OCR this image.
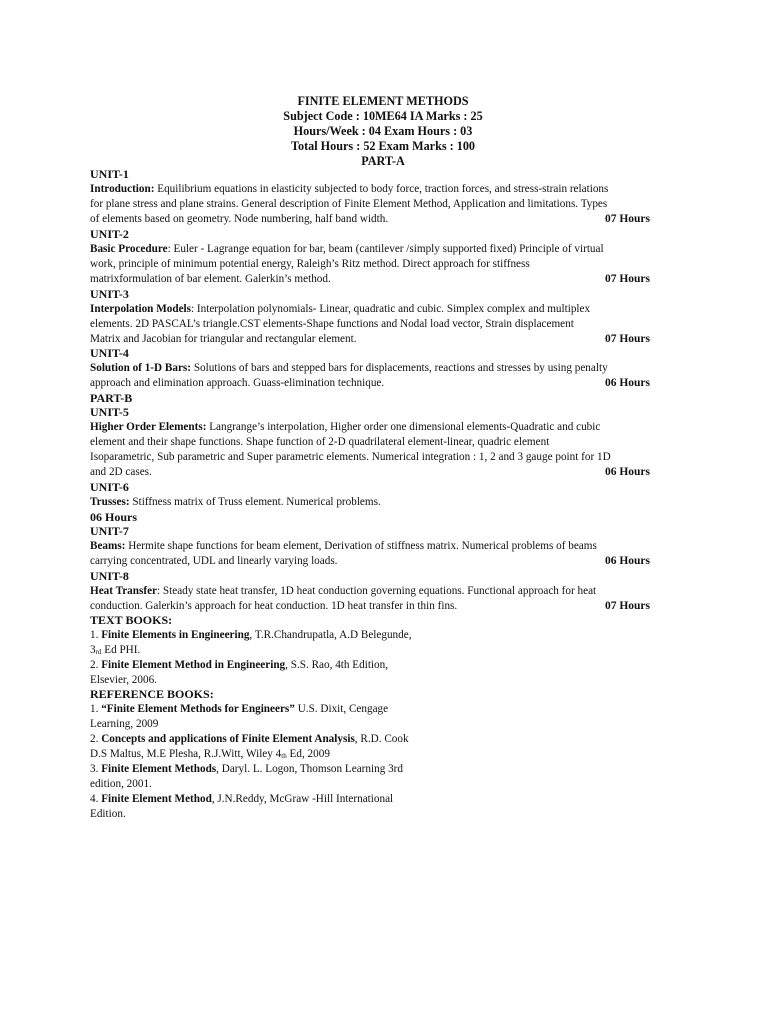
FINITE ELEMENT METHODS
Subject Code : 10ME64 IA Marks : 25
Hours/Week : 04 Exam Hours : 03
Total Hours : 52 Exam Marks : 100
PART-A
UNIT-1
Introduction: Equilibrium equations in elasticity subjected to body force, traction forces, and stress-strain relations
for plane stress and plane strains. General description of Finite Element Method, Application and limitations. Types
of elements based on geometry. Node numbering, half band width.	07 Hours
UNIT-2
Basic Procedure: Euler - Lagrange equation for bar, beam (cantilever /simply supported fixed) Principle of virtual
work, principle of minimum potential energy, Raleigh’s Ritz method. Direct approach for stiffness
matrixformulation of bar element. Galerkin’s method.	07 Hours
UNIT-3
Interpolation Models: Interpolation polynomials- Linear, quadratic and cubic. Simplex complex and multiplex
elements. 2D PASCAL’s triangle.CST elements-Shape functions and Nodal load vector, Strain displacement
Matrix and Jacobian for triangular and rectangular element.	07 Hours
UNIT-4
Solution of 1-D Bars: Solutions of bars and stepped bars for displacements, reactions and stresses by using penalty
approach and elimination approach. Guass-elimination technique.	06 Hours
PART-B
UNIT-5
Higher Order Elements: Langrange’s interpolation, Higher order one dimensional elements-Quadratic and cubic
element and their shape functions. Shape function of 2-D quadrilateral element-linear, quadric element
Isoparametric, Sub parametric and Super parametric elements. Numerical integration : 1, 2 and 3 gauge point for 1D
and 2D cases.	06 Hours
UNIT-6
Trusses: Stiffness matrix of Truss element. Numerical problems.
06 Hours
UNIT-7
Beams: Hermite shape functions for beam element, Derivation of stiffness matrix. Numerical problems of beams
carrying concentrated, UDL and linearly varying loads.	06 Hours
UNIT-8
Heat Transfer: Steady state heat transfer, 1D heat conduction governing equations. Functional approach for heat
conduction. Galerkin’s approach for heat conduction. 1D heat transfer in thin fins.	07 Hours
TEXT BOOKS:
1. Finite Elements in Engineering, T.R.Chandrupatla, A.D Belegunde,
3rd Ed PHI.
2. Finite Element Method in Engineering, S.S. Rao, 4th Edition,
Elsevier, 2006.
REFERENCE BOOKS:
1. “Finite Element Methods for Engineers” U.S. Dixit, Cengage
Learning, 2009
2. Concepts and applications of Finite Element Analysis, R.D. Cook
D.S Maltus, M.E Plesha, R.J.Witt, Wiley 4th Ed, 2009
3. Finite Element Methods, Daryl. L. Logon, Thomson Learning 3rd
edition, 2001.
4. Finite Element Method, J.N.Reddy, McGraw -Hill International
Edition.
